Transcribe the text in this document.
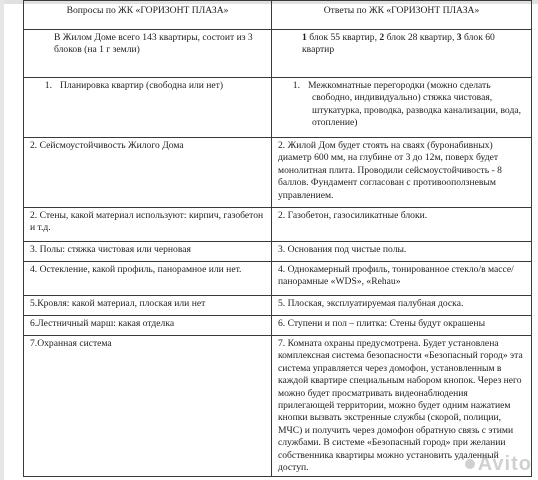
Вопросы по ЖК «ГОРИЗОНТ ПЛАЗА»	Ответы по ЖК «ГОРИЗОНТ ПЛАЗА»
В Жилом Доме всего 143 квартиры, состоит из 3 блоков (на 1 г земли)	1 блок 55 квартир, 2 блок 28 квартир, 3 блок 60 квартир

1. Планировка квартир (свободна или нет)	1. Межкомнатные перегородки (можно сделать свободно, индивидуально) стяжка чистовая, штукатурка, проводка, разводка канализации, вода, отопление)

2. Сейсмоустойчивость Жилого Дома	2. Жилой Дом будет стоять на сваях (буронабивных) диаметр 600 мм, на глубине от 3 до 12м, поверх будет монолитная плита. Проводили сейсмоустойчивость - 8 баллов. Фундамент согласован с противооползневым управлением.
2. Стены, какой материал используют: кирпич, газобетон и т.д.	2. Газобетон, газосиликатные блоки.
3. Полы: стяжка чистовая или черновая	3. Основания под чистые полы.
4. Остекление, какой профиль, панорамное или нет.	4. Однокамерный профиль, тонированное стекло/в массе/ панорамные «WDS», «Rehau»
5.Кровля: какой материал, плоская или нет	5. Плоская, эксплуатируемая палубная доска.
6.Лестничный марш: какая отделка	6. Ступени и пол – плитка: Стены будут окрашены
7.Охранная система	7. Комната охраны предусмотрена. Будет установлена комплексная система безопасности «Безопасный город» эта система управляется через домофон, установленным в каждой квартире специальным набором кнопок. Через него можно будет просматривать видеонаблюдения прилегающей территории, можно будет одним нажатием кнопки вызвать экстренные службы (скорой, полиции, МЧС) и получить через домофон обратную связь с этими службами. В системе «Безопасный город» при желании собственника квартиры можно установить удаленный доступ.	Avito
